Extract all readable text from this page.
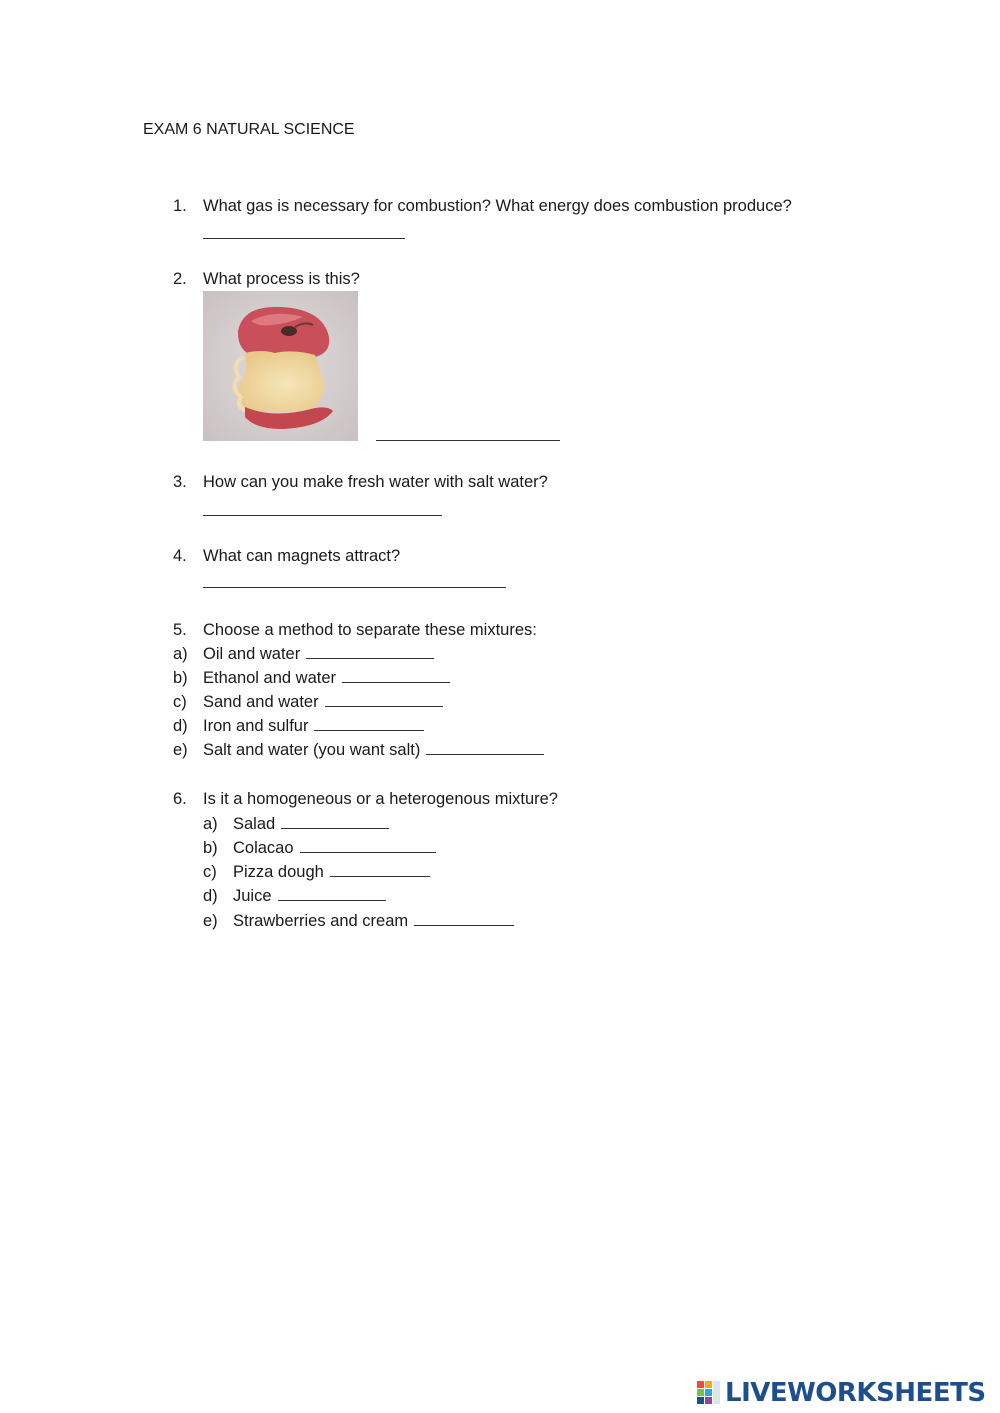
EXAM 6 NATURAL SCIENCE
1. What gas is necessary for combustion? What energy does combustion produce?
2. What process is this?
3. How can you make fresh water with salt water?
4. What can magnets attract?
5. Choose a method to separate these mixtures:
a) Oil and water
b) Ethanol and water
c) Sand and water
d) Iron and sulfur
e) Salt and water (you want salt)
6. Is it a homogeneous or a heterogenous mixture?
a) Salad
b) Colacao
c) Pizza dough
d) Juice
e) Strawberries and cream
LIVEWORKSHEETS
